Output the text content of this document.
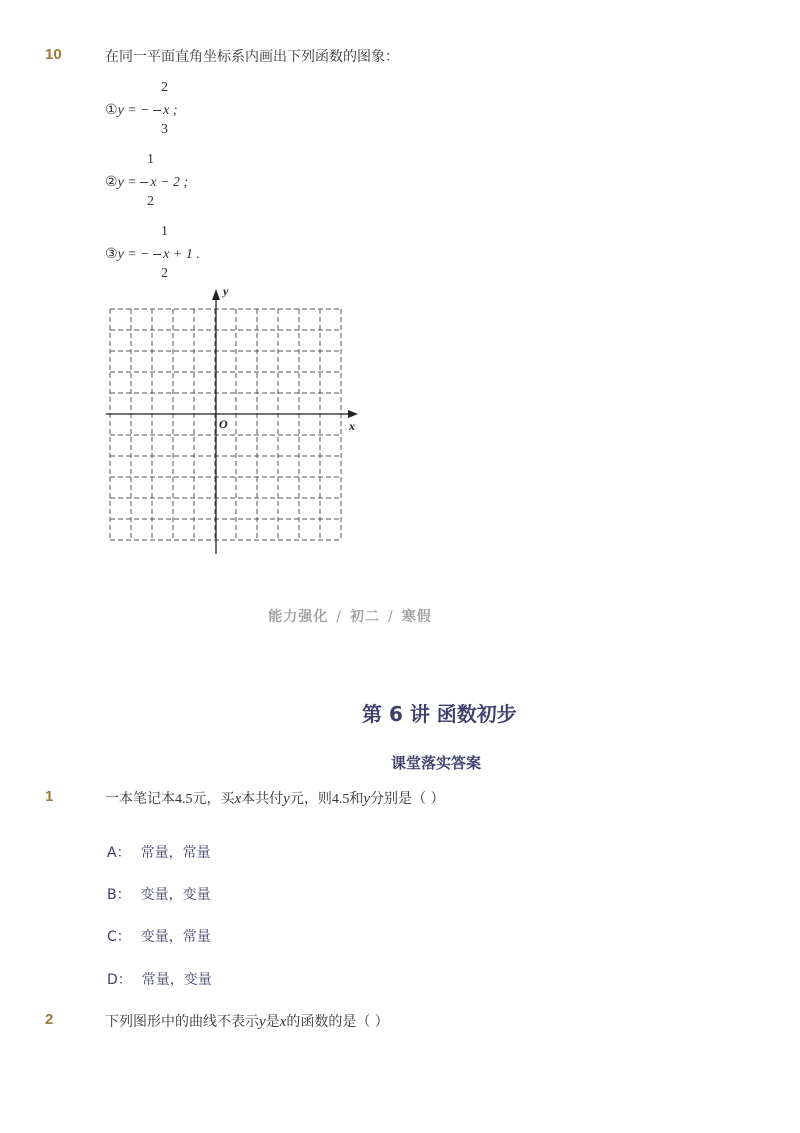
10	在同一平面直角坐标系内画出下列函数的图象：
2
①y = − x ;
3
1
②y = x − 2 ;
2
1
③y = − x + 1 .
2
x
y
O
能力强化 / 初二 / 寒假
第 6 讲 函数初步
课堂落实答案
1	一本笔记本4.5元，买x本共付y元，则4.5和y分别是（ ）
A： 常量，常量
B： 变量，变量
C： 变量，常量
D： 常量，变量
2	下列图形中的曲线不表示y是x的函数的是（ ）
